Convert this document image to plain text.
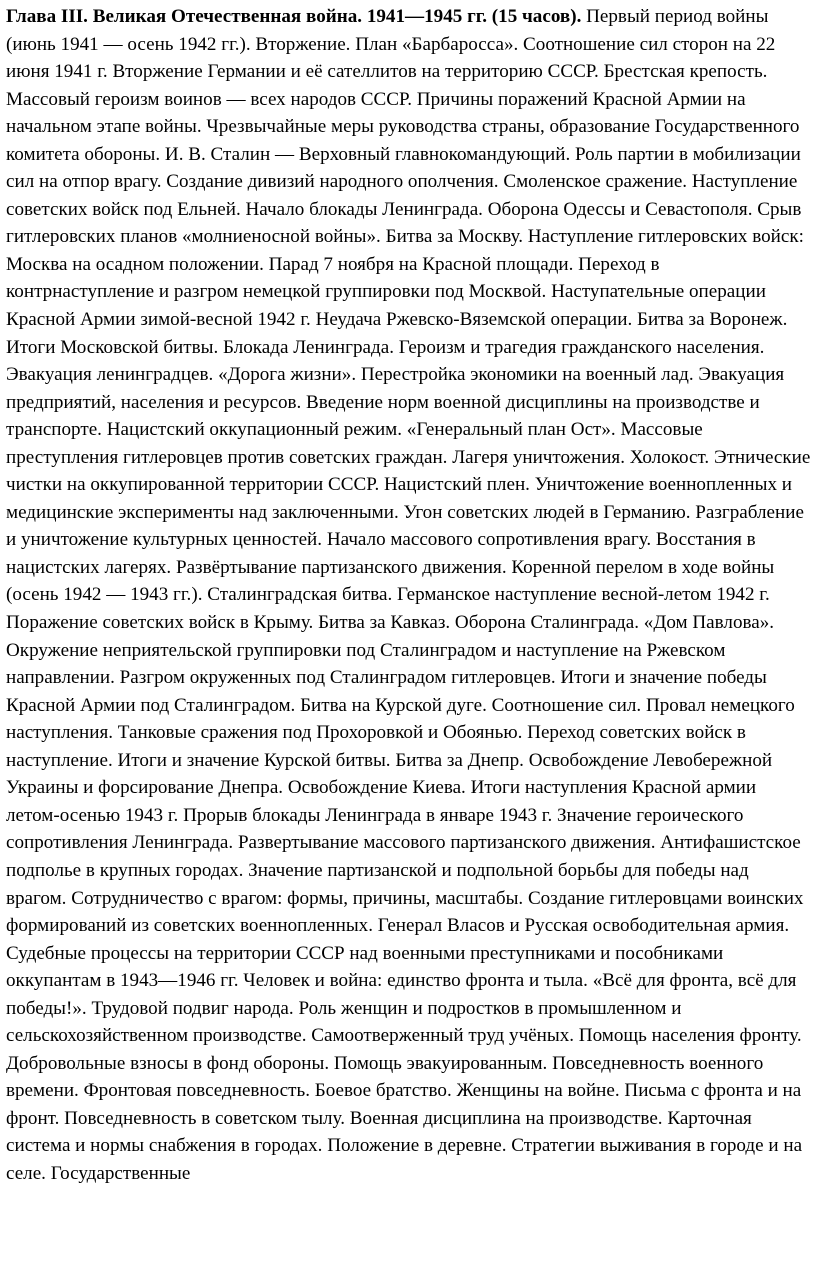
Глава III. Великая Отечественная война. 1941—1945 гг. (15 часов). Первый период войны (июнь 1941 — осень 1942 гг.). Вторжение. План «Барбаросса». Соотношение сил сторон на 22 июня 1941 г. Вторжение Германии и её сателлитов на территорию СССР. Брестская крепость. Массовый героизм воинов — всех народов СССР. Причины поражений Красной Армии на начальном этапе войны. Чрезвычайные меры руководства страны, образование Государственного комитета обороны. И. В. Сталин — Верховный главнокомандующий. Роль партии в мобилизации сил на отпор врагу. Создание дивизий народного ополчения. Смоленское сражение. Наступление советских войск под Ельней. Начало блокады Ленинграда. Оборона Одессы и Севастополя. Срыв гитлеровских планов «молниеносной войны». Битва за Москву. Наступление гитлеровских войск: Москва на осадном положении. Парад 7 ноября на Красной площади. Переход в контрнаступление и разгром немецкой группировки под Москвой. Наступательные операции Красной Армии зимой-весной 1942 г. Неудача Ржевско-Вяземской операции. Битва за Воронеж. Итоги Московской битвы. Блокада Ленинграда. Героизм и трагедия гражданского населения. Эвакуация ленинградцев. «Дорога жизни». Перестройка экономики на военный лад. Эвакуация предприятий, населения и ресурсов. Введение норм военной дисциплины на производстве и транспорте. Нацистский оккупационный режим. «Генеральный план Ост». Массовые преступления гитлеровцев против советских граждан. Лагеря уничтожения. Холокост. Этнические чистки на оккупированной территории СССР. Нацистский плен. Уничтожение военнопленных и медицинские эксперименты над заключенными. Угон советских людей в Германию. Разграбление и уничтожение культурных ценностей. Начало массового сопротивления врагу. Восстания в нацистских лагерях. Развёртывание партизанского движения. Коренной перелом в ходе войны (осень 1942 — 1943 гг.). Сталинградская битва. Германское наступление весной-летом 1942 г. Поражение советских войск в Крыму. Битва за Кавказ. Оборона Сталинграда. «Дом Павлова». Окружение неприятельской группировки под Сталинградом и наступление на Ржевском направлении. Разгром окруженных под Сталинградом гитлеровцев. Итоги и значение победы Красной Армии под Сталинградом. Битва на Курской дуге. Соотношение сил. Провал немецкого наступления. Танковые сражения под Прохоровкой и Обоянью. Переход советских войск в наступление. Итоги и значение Курской битвы. Битва за Днепр. Освобождение Левобережной Украины и форсирование Днепра. Освобождение Киева. Итоги наступления Красной армии летом-осенью 1943 г. Прорыв блокады Ленинграда в январе 1943 г. Значение героического сопротивления Ленинграда. Развертывание массового партизанского движения. Антифашистское подполье в крупных городах. Значение партизанской и подпольной борьбы для победы над врагом. Сотрудничество с врагом: формы, причины, масштабы. Создание гитлеровцами воинских формирований из советских военнопленных. Генерал Власов и Русская освободительная армия. Судебные процессы на территории СССР над военными преступниками и пособниками оккупантам в 1943—1946 гг. Человек и война: единство фронта и тыла. «Всё для фронта, всё для победы!». Трудовой подвиг народа. Роль женщин и подростков в промышленном и сельскохозяйственном производстве. Самоотверженный труд учёных. Помощь населения фронту. Добровольные взносы в фонд обороны. Помощь эвакуированным. Повседневность военного времени. Фронтовая повседневность. Боевое братство. Женщины на войне. Письма с фронта и на фронт. Повседневность в советском тылу. Военная дисциплина на производстве. Карточная система и нормы снабжения в городах. Положение в деревне. Стратегии выживания в городе и на селе. Государственные
